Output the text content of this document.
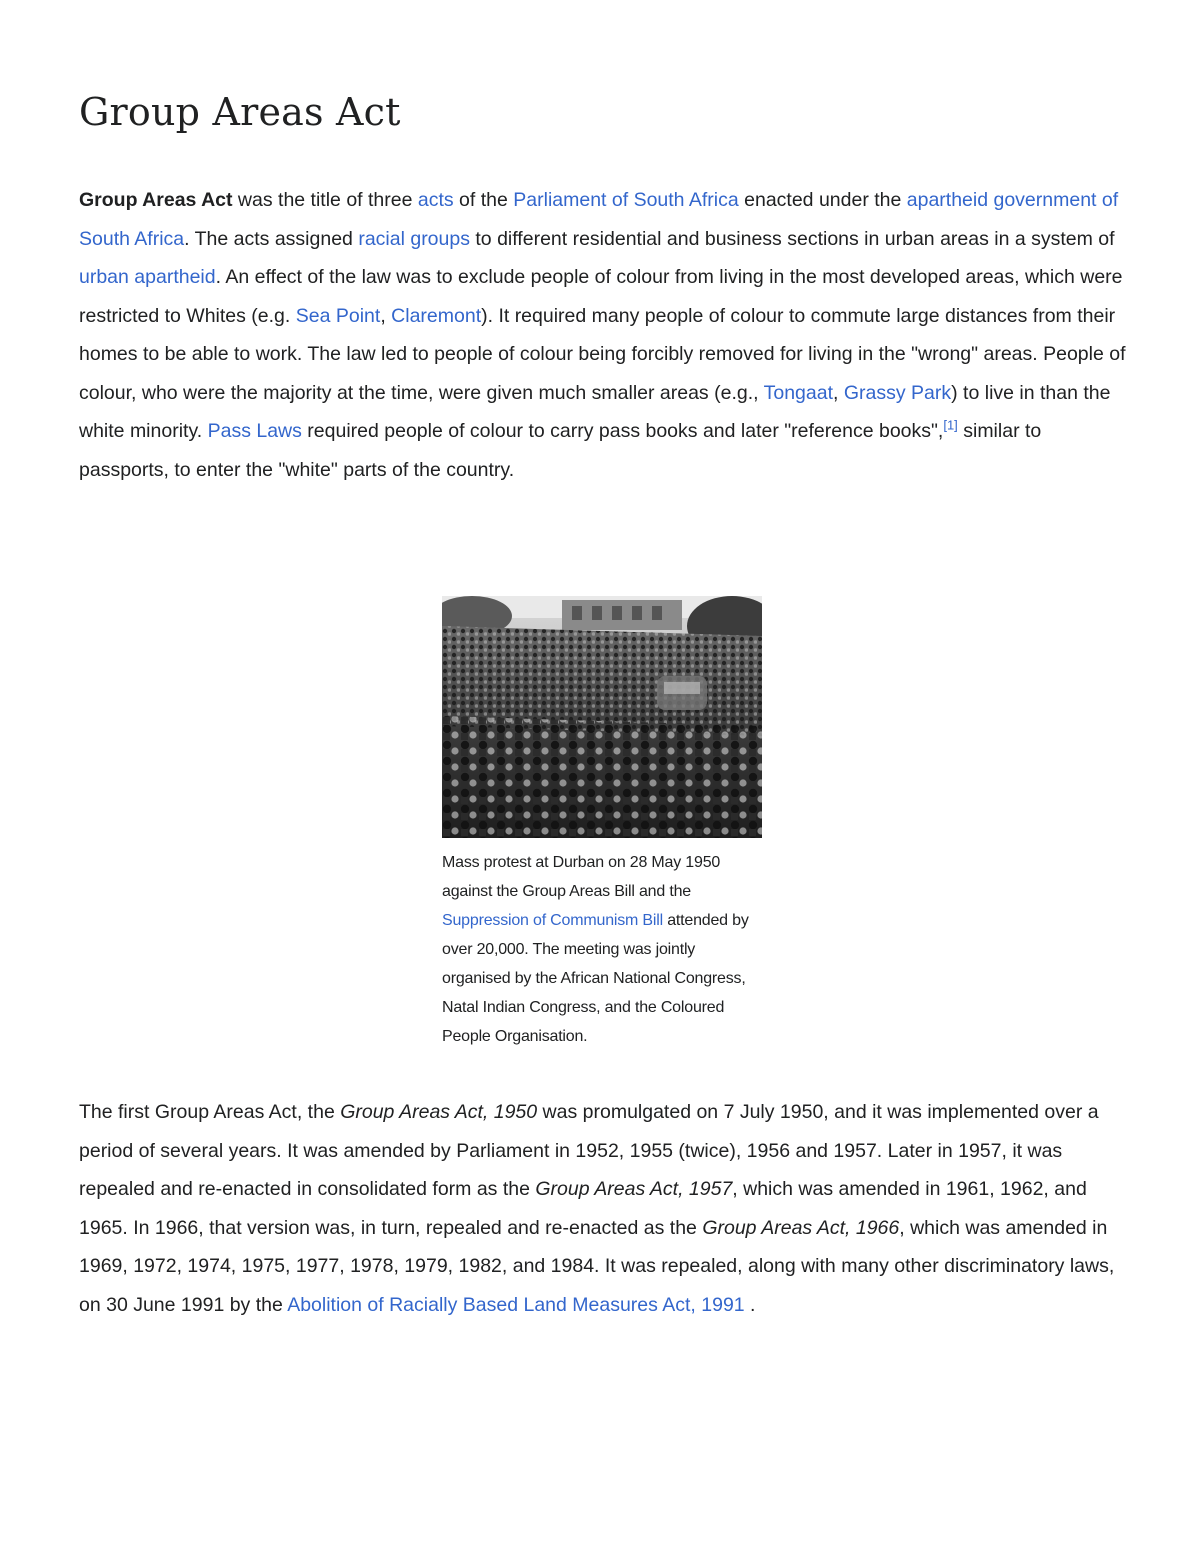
Group Areas Act

Group Areas Act was the title of three acts of the Parliament of South Africa enacted under the apartheid government of South Africa. The acts assigned racial groups to different residential and business sections in urban areas in a system of urban apartheid. An effect of the law was to exclude people of colour from living in the most developed areas, which were restricted to Whites (e.g. Sea Point, Claremont). It required many people of colour to commute large distances from their homes to be able to work. The law led to people of colour being forcibly removed for living in the "wrong" areas. People of colour, who were the majority at the time, were given much smaller areas (e.g., Tongaat, Grassy Park) to live in than the white minority. Pass Laws required people of colour to carry pass books and later "reference books",[1] similar to passports, to enter the "white" parts of the country.

Mass protest at Durban on 28 May 1950 against the Group Areas Bill and the Suppression of Communism Bill attended by over 20,000. The meeting was jointly organised by the African National Congress, Natal Indian Congress, and the Coloured People Organisation.

The first Group Areas Act, the Group Areas Act, 1950 was promulgated on 7 July 1950, and it was implemented over a period of several years. It was amended by Parliament in 1952, 1955 (twice), 1956 and 1957. Later in 1957, it was repealed and re-enacted in consolidated form as the Group Areas Act, 1957, which was amended in 1961, 1962, and 1965. In 1966, that version was, in turn, repealed and re-enacted as the Group Areas Act, 1966, which was amended in 1969, 1972, 1974, 1975, 1977, 1978, 1979, 1982, and 1984. It was repealed, along with many other discriminatory laws, on 30 June 1991 by the Abolition of Racially Based Land Measures Act, 1991 .
